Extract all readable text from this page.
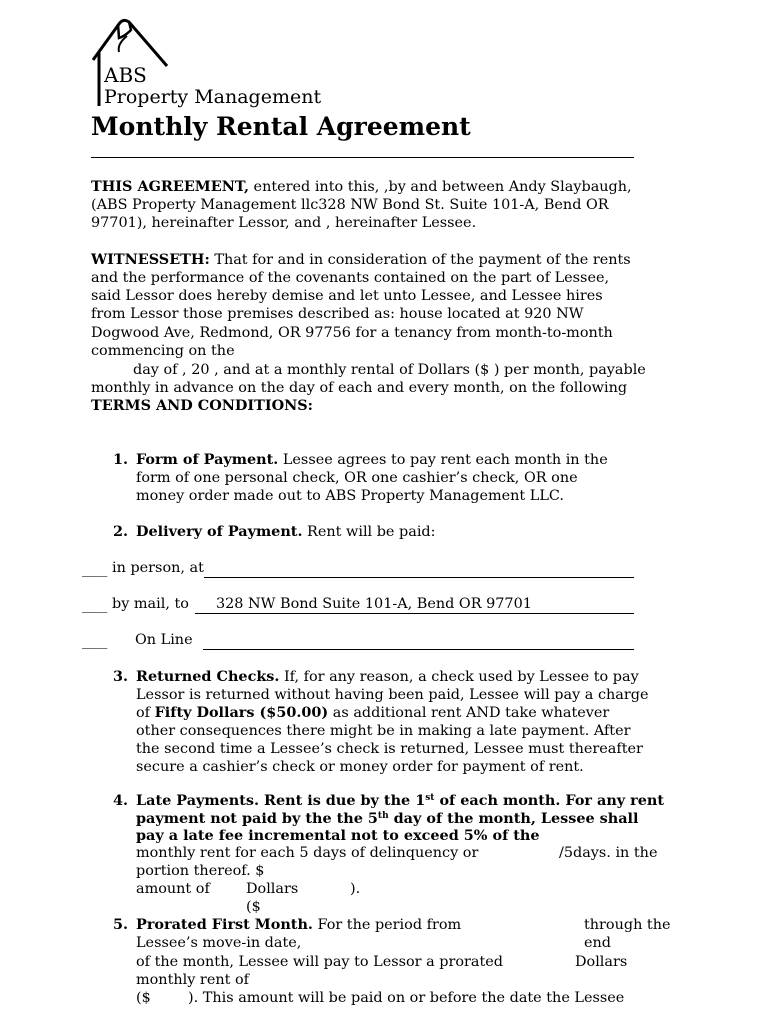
ABS
Property Management
Monthly Rental Agreement
THIS AGREEMENT, entered into this, ,by and between Andy Slaybaugh,
(ABS Property Management llc328 NW Bond St. Suite 101-A, Bend OR
97701), hereinafter Lessor, and , hereinafter Lessee.
WITNESSETH: That for and in consideration of the payment of the rents
and the performance of the covenants contained on the part of Lessee,
said Lessor does hereby demise and let unto Lessee, and Lessee hires
from Lessor those premises described as: house located at 920 NW
Dogwood Ave, Redmond, OR 97756 for a tenancy from month-to-month
commencing on the
day of , 20 , and at a monthly rental of Dollars ($ ) per month, payable
monthly in advance on the day of each and every month, on the following
TERMS AND CONDITIONS:
1. Form of Payment. Lessee agrees to pay rent each month in the
form of one personal check, OR one cashier’s check, OR one
money order made out to ABS Property Management LLC.
2. Delivery of Payment. Rent will be paid:
___ in person, at
___ by mail, to 328 NW Bond Suite 101-A, Bend OR 97701
___ On Line
3. Returned Checks. If, for any reason, a check used by Lessee to pay
Lessor is returned without having been paid, Lessee will pay a charge
of Fifty Dollars ($50.00) as additional rent AND take whatever
other consequences there might be in making a late payment. After
the second time a Lessee’s check is returned, Lessee must thereafter
secure a cashier’s check or money order for payment of rent.
4. Late Payments. Rent is due by the 1st of each month. For any rent
payment not paid by the the 5th day of the month, Lessee shall
pay a late fee incremental not to exceed 5% of the
monthly rent for each 5 days of delinquency or	/5days. in the
portion thereof. $
amount of	Dollars	).
($
5. Prorated First Month. For the period from	through the
Lessee’s move-in date,	end
of the month, Lessee will pay to Lessor a prorated	Dollars
monthly rent of
($	). This amount will be paid on or before the date the Lessee
